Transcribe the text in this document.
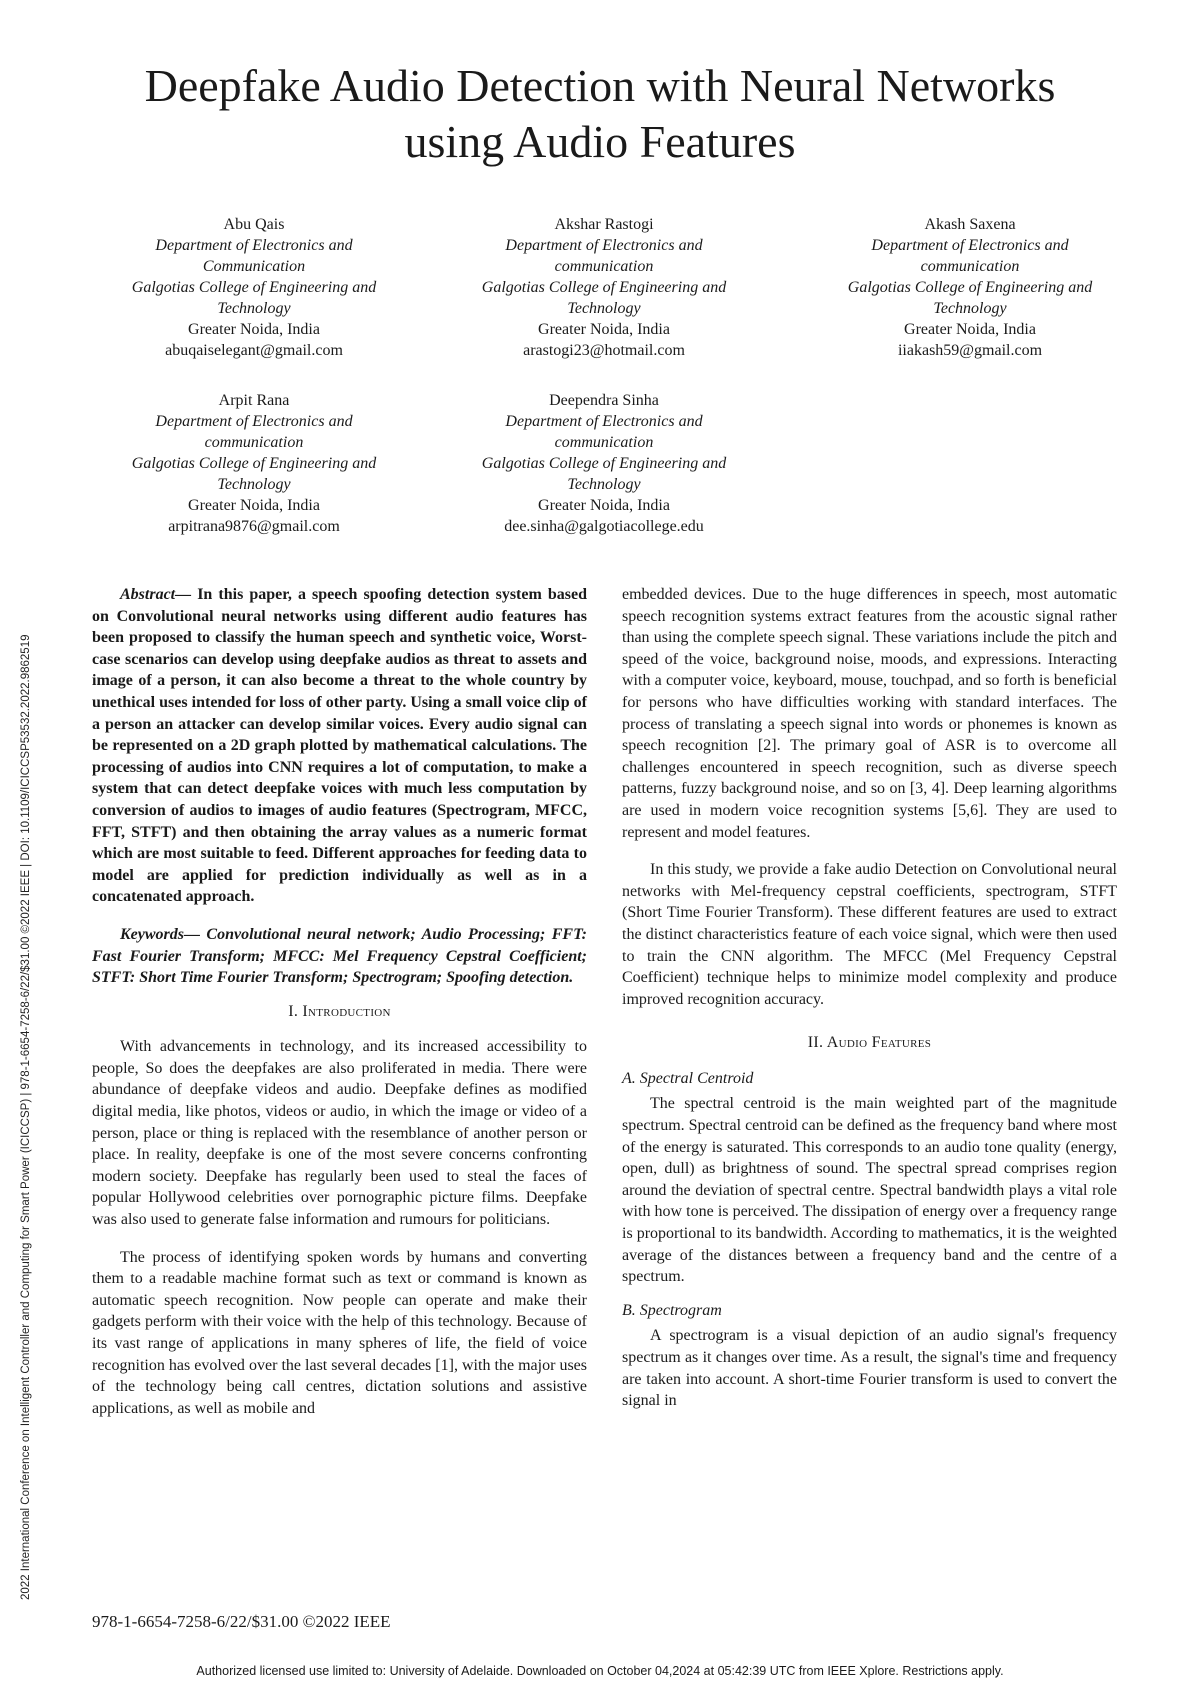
Deepfake Audio Detection with Neural Networks
using Audio Features
Abu Qais
Department of Electronics and
Communication
Galgotias College of Engineering and
Technology
Greater Noida, India
abuqaiselegant@gmail.com
Akshar Rastogi
Department of Electronics and
communication
Galgotias College of Engineering and
Technology
Greater Noida, India
arastogi23@hotmail.com
Akash Saxena
Department of Electronics and
communication
Galgotias College of Engineering and
Technology
Greater Noida, India
iiakash59@gmail.com
Arpit Rana
Department of Electronics and
communication
Galgotias College of Engineering and
Technology
Greater Noida, India
arpitrana9876@gmail.com
Deependra Sinha
Department of Electronics and
communication
Galgotias College of Engineering and
Technology
Greater Noida, India
dee.sinha@galgotiacollege.edu
2022 International Conference on Intelligent Controller and Computing for Smart Power (ICICCSP) | 978-1-6654-7258-6/22/$31.00 ©2022 IEEE | DOI: 10.1109/ICICCSP53532.2022.9862519

Abstract— In this paper, a speech spoofing detection system based on Convolutional neural networks using different audio features has been proposed to classify the human speech and synthetic voice, Worst-case scenarios can develop using deepfake audios as threat to assets and image of a person, it can also become a threat to the whole country by unethical uses intended for loss of other party. Using a small voice clip of a person an attacker can develop similar voices. Every audio signal can be represented on a 2D graph plotted by mathematical calculations. The processing of audios into CNN requires a lot of computation, to make a system that can detect deepfake voices with much less computation by conversion of audios to images of audio features (Spectrogram, MFCC, FFT, STFT) and then obtaining the array values as a numeric format which are most suitable to feed. Different approaches for feeding data to model are applied for prediction individually as well as in a concatenated approach.

Keywords— Convolutional neural network; Audio Processing; FFT: Fast Fourier Transform; MFCC: Mel Frequency Cepstral Coefficient; STFT: Short Time Fourier Transform; Spectrogram; Spoofing detection.

I. Introduction

With advancements in technology, and its increased accessibility to people, So does the deepfakes are also proliferated in media. There were abundance of deepfake videos and audio. Deepfake defines as modified digital media, like photos, videos or audio, in which the image or video of a person, place or thing is replaced with the resemblance of another person or place. In reality, deepfake is one of the most severe concerns confronting modern society. Deepfake has regularly been used to steal the faces of popular Hollywood celebrities over pornographic picture films. Deepfake was also used to generate false information and rumours for politicians.

The process of identifying spoken words by humans and converting them to a readable machine format such as text or command is known as automatic speech recognition. Now people can operate and make their gadgets perform with their voice with the help of this technology. Because of its vast range of applications in many spheres of life, the field of voice recognition has evolved over the last several decades [1], with the major uses of the technology being call centres, dictation solutions and assistive applications, as well as mobile and

embedded devices. Due to the huge differences in speech, most automatic speech recognition systems extract features from the acoustic signal rather than using the complete speech signal. These variations include the pitch and speed of the voice, background noise, moods, and expressions. Interacting with a computer voice, keyboard, mouse, touchpad, and so forth is beneficial for persons who have difficulties working with standard interfaces. The process of translating a speech signal into words or phonemes is known as speech recognition [2]. The primary goal of ASR is to overcome all challenges encountered in speech recognition, such as diverse speech patterns, fuzzy background noise, and so on [3, 4]. Deep learning algorithms are used in modern voice recognition systems [5,6]. They are used to represent and model features.

In this study, we provide a fake audio Detection on Convolutional neural networks with Mel-frequency cepstral coefficients, spectrogram, STFT (Short Time Fourier Transform). These different features are used to extract the distinct characteristics feature of each voice signal, which were then used to train the CNN algorithm. The MFCC (Mel Frequency Cepstral Coefficient) technique helps to minimize model complexity and produce improved recognition accuracy.

II. Audio Features
A. Spectral Centroid

The spectral centroid is the main weighted part of the magnitude spectrum. Spectral centroid can be defined as the frequency band where most of the energy is saturated. This corresponds to an audio tone quality (energy, open, dull) as brightness of sound. The spectral spread comprises region around the deviation of spectral centre. Spectral bandwidth plays a vital role with how tone is perceived. The dissipation of energy over a frequency range is proportional to its bandwidth. According to mathematics, it is the weighted average of the distances between a frequency band and the centre of a spectrum.

B. Spectrogram

A spectrogram is a visual depiction of an audio signal's frequency spectrum as it changes over time. As a result, the signal's time and frequency are taken into account. A short-time Fourier transform is used to convert the signal in

978-1-6654-7258-6/22/$31.00 ©2022 IEEE
Authorized licensed use limited to: University of Adelaide. Downloaded on October 04,2024 at 05:42:39 UTC from IEEE Xplore. Restrictions apply.
